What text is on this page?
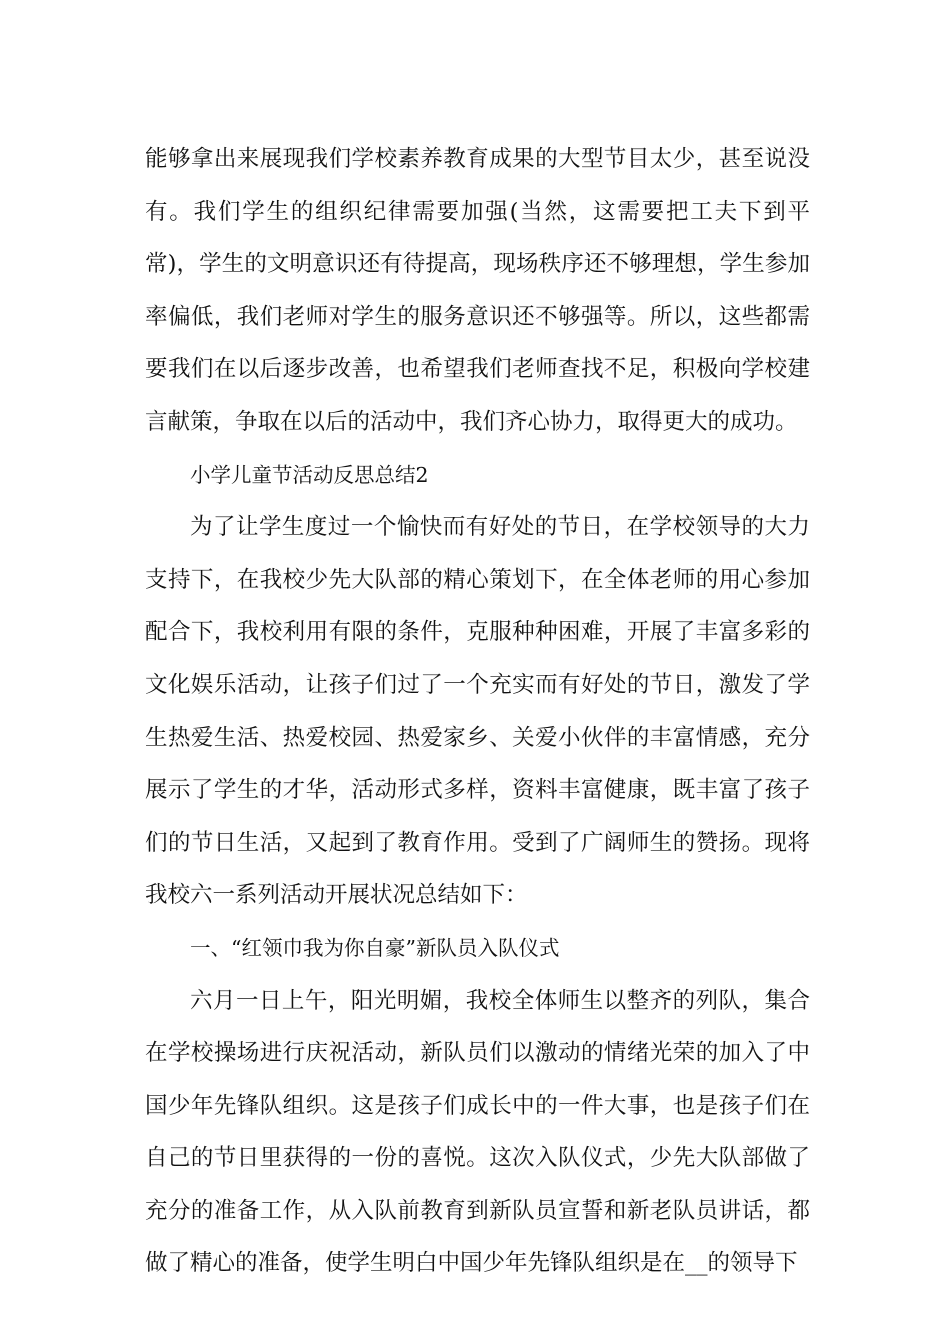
能够拿出来展现我们学校素养教育成果的大型节目太少，甚至说没有。我们学生的组织纪律需要加强(当然，这需要把工夫下到平常)，学生的文明意识还有待提高，现场秩序还不够理想，学生参加率偏低，我们老师对学生的服务意识还不够强等。所以，这些都需要我们在以后逐步改善，也希望我们老师查找不足，积极向学校建言献策，争取在以后的活动中，我们齐心协力，取得更大的成功。

小学儿童节活动反思总结2

为了让学生度过一个愉快而有好处的节日，在学校领导的大力支持下，在我校少先大队部的精心策划下，在全体老师的用心参加配合下，我校利用有限的条件，克服种种困难，开展了丰富多彩的文化娱乐活动，让孩子们过了一个充实而有好处的节日，激发了学生热爱生活、热爱校园、热爱家乡、关爱小伙伴的丰富情感，充分展示了学生的才华，活动形式多样，资料丰富健康，既丰富了孩子们的节日生活，又起到了教育作用。受到了广阔师生的赞扬。现将我校六一系列活动开展状况总结如下：

一、“红领巾我为你自豪”新队员入队仪式

六月一日上午，阳光明媚，我校全体师生以整齐的列队，集合在学校操场进行庆祝活动，新队员们以激动的情绪光荣的加入了中国少年先锋队组织。这是孩子们成长中的一件大事，也是孩子们在自己的节日里获得的一份的喜悦。这次入队仪式，少先大队部做了充分的准备工作，从入队前教育到新队员宣誓和新老队员讲话，都做了精心的准备，使学生明白中国少年先锋队组织是在__的领导下
